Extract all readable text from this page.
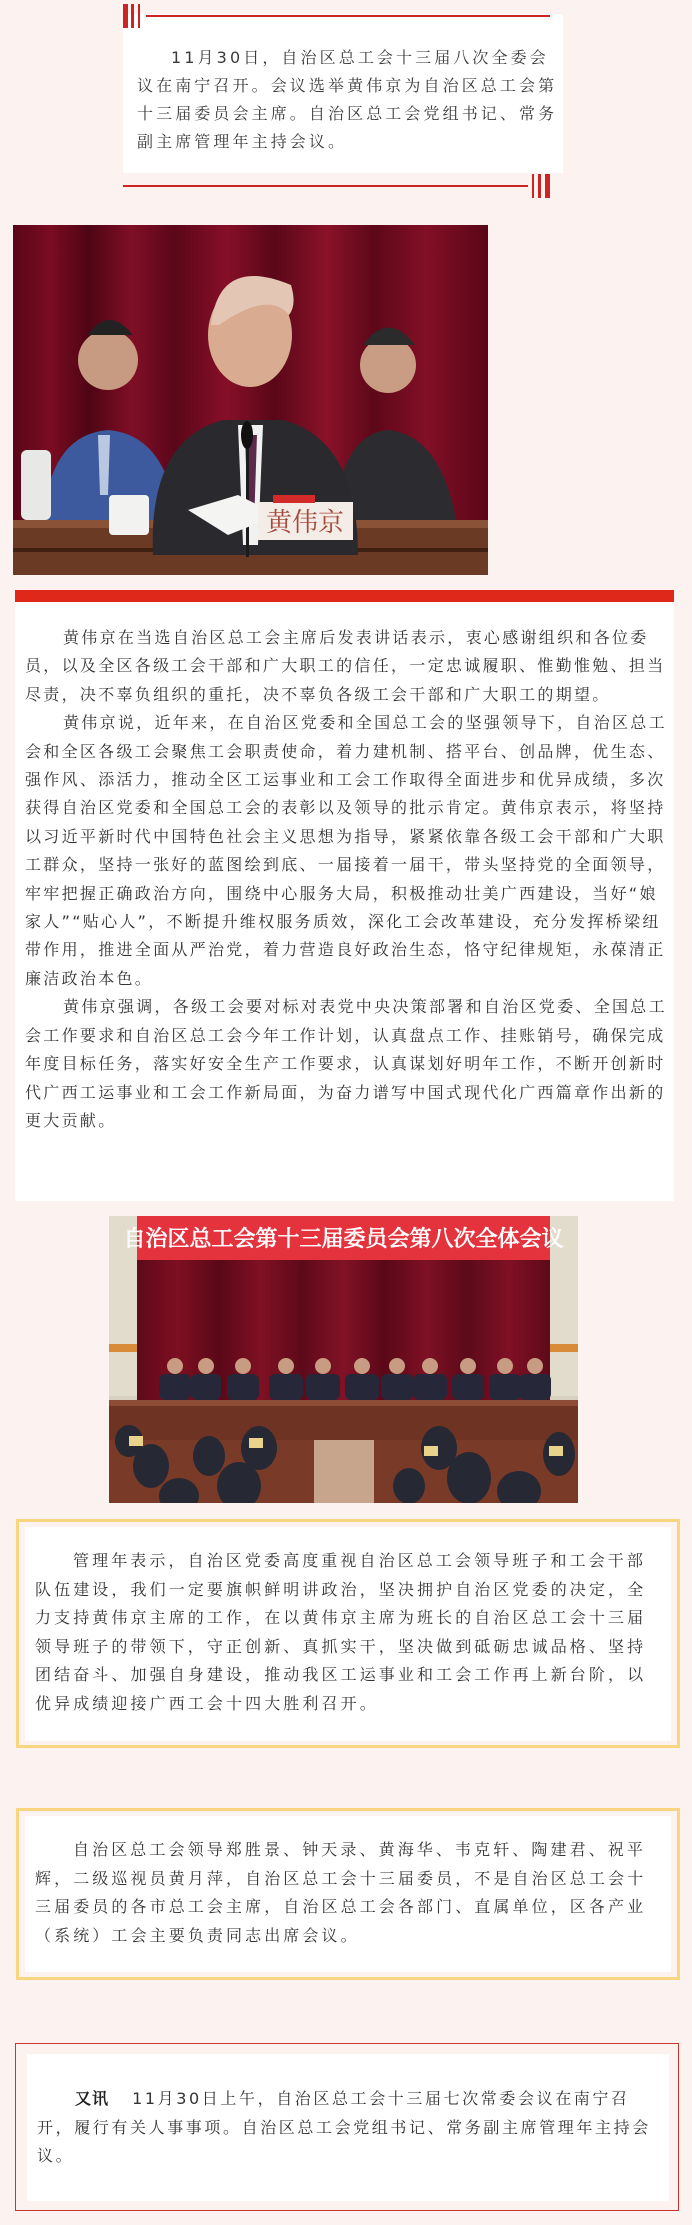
11月30日，自治区总工会十三届八次全委会议在南宁召开。会议选举黄伟京为自治区总工会第十三届委员会主席。自治区总工会党组书记、常务副主席管理年主持会议。

黄伟京

黄伟京在当选自治区总工会主席后发表讲话表示，衷心感谢组织和各位委员，以及全区各级工会干部和广大职工的信任，一定忠诚履职、惟勤惟勉、担当尽责，决不辜负组织的重托，决不辜负各级工会干部和广大职工的期望。

黄伟京说，近年来，在自治区党委和全国总工会的坚强领导下，自治区总工会和全区各级工会聚焦工会职责使命，着力建机制、搭平台、创品牌，优生态、强作风、添活力，推动全区工运事业和工会工作取得全面进步和优异成绩，多次获得自治区党委和全国总工会的表彰以及领导的批示肯定。黄伟京表示，将坚持以习近平新时代中国特色社会主义思想为指导，紧紧依靠各级工会干部和广大职工群众，坚持一张好的蓝图绘到底、一届接着一届干，带头坚持党的全面领导，牢牢把握正确政治方向，围绕中心服务大局，积极推动壮美广西建设，当好“娘家人”“贴心人”，不断提升维权服务质效，深化工会改革建设，充分发挥桥梁纽带作用，推进全面从严治党，着力营造良好政治生态，恪守纪律规矩，永葆清正廉洁政治本色。

黄伟京强调，各级工会要对标对表党中央决策部署和自治区党委、全国总工会工作要求和自治区总工会今年工作计划，认真盘点工作、挂账销号，确保完成年度目标任务，落实好安全生产工作要求，认真谋划好明年工作，不断开创新时代广西工运事业和工会工作新局面，为奋力谱写中国式现代化广西篇章作出新的更大贡献。

自治区总工会第十三届委员会第八次全体会议

管理年表示，自治区党委高度重视自治区总工会领导班子和工会干部队伍建设，我们一定要旗帜鲜明讲政治，坚决拥护自治区党委的决定，全力支持黄伟京主席的工作，在以黄伟京主席为班长的自治区总工会十三届领导班子的带领下，守正创新、真抓实干，坚决做到砥砺忠诚品格、坚持团结奋斗、加强自身建设，推动我区工运事业和工会工作再上新台阶，以优异成绩迎接广西工会十四大胜利召开。

自治区总工会领导郑胜景、钟天录、黄海华、韦克轩、陶建君、祝平辉，二级巡视员黄月萍，自治区总工会十三届委员，不是自治区总工会十三届委员的各市总工会主席，自治区总工会各部门、直属单位，区各产业（系统）工会主要负责同志出席会议。

又讯 11月30日上午，自治区总工会十三届七次常委会议在南宁召开，履行有关人事事项。自治区总工会党组书记、常务副主席管理年主持会议。
